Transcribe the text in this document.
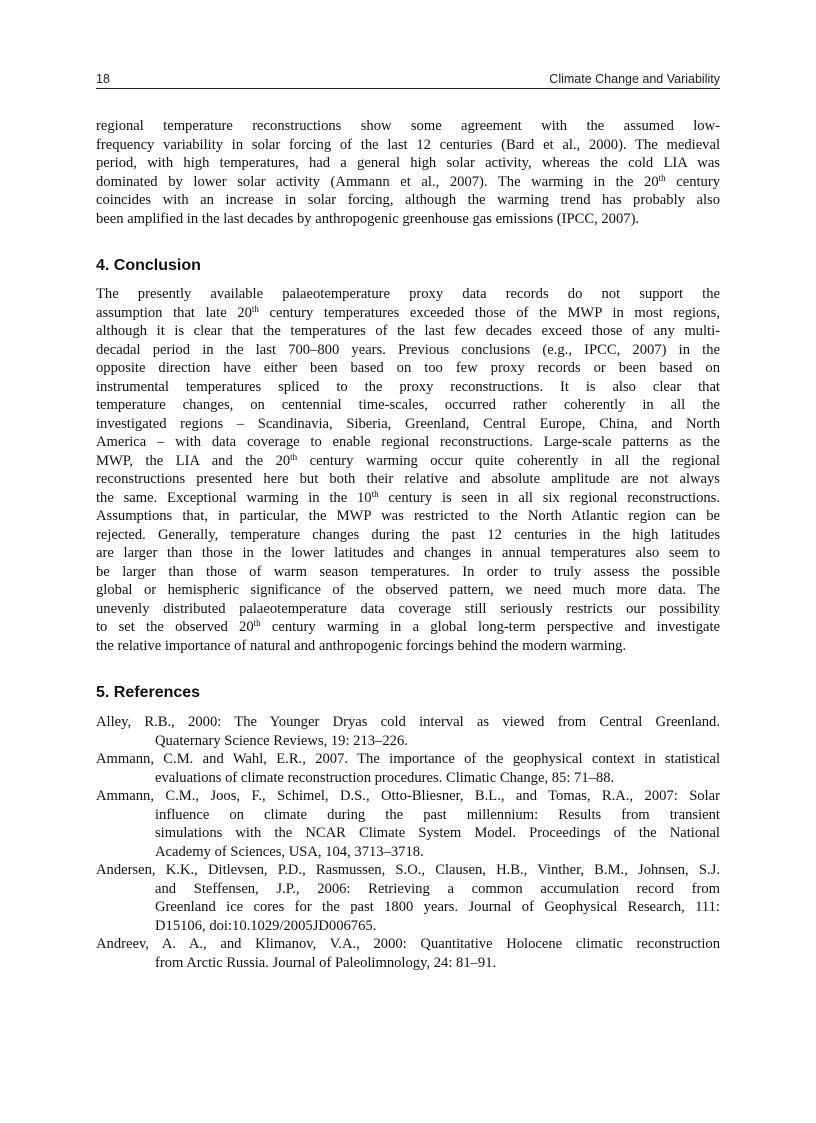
18	Climate Change and Variability
regional temperature reconstructions show some agreement with the assumed low-
frequency variability in solar forcing of the last 12 centuries (Bard et al., 2000). The medieval
period, with high temperatures, had a general high solar activity, whereas the cold LIA was
dominated by lower solar activity (Ammann et al., 2007). The warming in the 20th century
coincides with an increase in solar forcing, although the warming trend has probably also
been amplified in the last decades by anthropogenic greenhouse gas emissions (IPCC, 2007).
4. Conclusion
The presently available palaeotemperature proxy data records do not support the
assumption that late 20th century temperatures exceeded those of the MWP in most regions,
although it is clear that the temperatures of the last few decades exceed those of any multi-
decadal period in the last 700–800 years. Previous conclusions (e.g., IPCC, 2007) in the
opposite direction have either been based on too few proxy records or been based on
instrumental temperatures spliced to the proxy reconstructions. It is also clear that
temperature changes, on centennial time-scales, occurred rather coherently in all the
investigated regions – Scandinavia, Siberia, Greenland, Central Europe, China, and North
America – with data coverage to enable regional reconstructions. Large-scale patterns as the
MWP, the LIA and the 20th century warming occur quite coherently in all the regional
reconstructions presented here but both their relative and absolute amplitude are not always
the same. Exceptional warming in the 10th century is seen in all six regional reconstructions.
Assumptions that, in particular, the MWP was restricted to the North Atlantic region can be
rejected. Generally, temperature changes during the past 12 centuries in the high latitudes
are larger than those in the lower latitudes and changes in annual temperatures also seem to
be larger than those of warm season temperatures. In order to truly assess the possible
global or hemispheric significance of the observed pattern, we need much more data. The
unevenly distributed palaeotemperature data coverage still seriously restricts our possibility
to set the observed 20th century warming in a global long-term perspective and investigate
the relative importance of natural and anthropogenic forcings behind the modern warming.
5. References
Alley, R.B., 2000: The Younger Dryas cold interval as viewed from Central Greenland.
Quaternary Science Reviews, 19: 213–226.
Ammann, C.M. and Wahl, E.R., 2007. The importance of the geophysical context in statistical
evaluations of climate reconstruction procedures. Climatic Change, 85: 71–88.
Ammann, C.M., Joos, F., Schimel, D.S., Otto-Bliesner, B.L., and Tomas, R.A., 2007: Solar
influence on climate during the past millennium: Results from transient
simulations with the NCAR Climate System Model. Proceedings of the National
Academy of Sciences, USA, 104, 3713–3718.
Andersen, K.K., Ditlevsen, P.D., Rasmussen, S.O., Clausen, H.B., Vinther, B.M., Johnsen, S.J.
and Steffensen, J.P., 2006: Retrieving a common accumulation record from
Greenland ice cores for the past 1800 years. Journal of Geophysical Research, 111:
D15106, doi:10.1029/2005JD006765.
Andreev, A. A., and Klimanov, V.A., 2000: Quantitative Holocene climatic reconstruction
from Arctic Russia. Journal of Paleolimnology, 24: 81–91.
